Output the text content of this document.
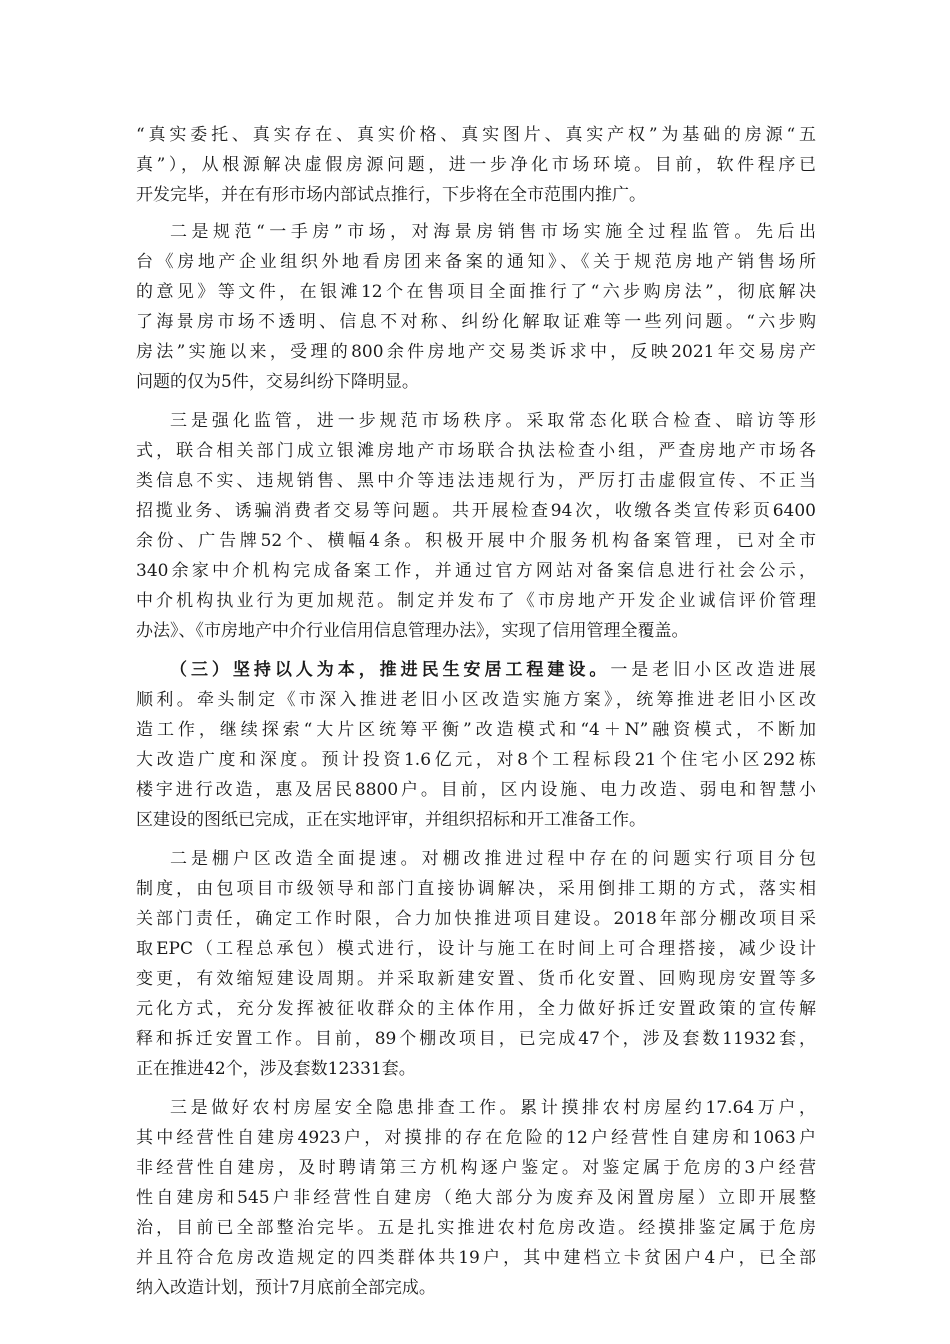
“真实委托、真实存在、真实价格、真实图片、真实产权”为基础的房源“五
真”），从根源解决虚假房源问题，进一步净化市场环境。目前，软件程序已
开发完毕，并在有形市场内部试点推行，下步将在全市范围内推广。
二是规范“一手房”市场，对海景房销售市场实施全过程监管。先后出
台《房地产企业组织外地看房团来备案的通知》、《关于规范房地产销售场所
的意见》等文件，在银滩12个在售项目全面推行了“六步购房法”，彻底解决
了海景房市场不透明、信息不对称、纠纷化解取证难等一些列问题。“六步购
房法”实施以来，受理的800余件房地产交易类诉求中，反映2021年交易房产
问题的仅为5件，交易纠纷下降明显。
三是强化监管，进一步规范市场秩序。采取常态化联合检查、暗访等形
式，联合相关部门成立银滩房地产市场联合执法检查小组，严查房地产市场各
类信息不实、违规销售、黑中介等违法违规行为，严厉打击虚假宣传、不正当
招揽业务、诱骗消费者交易等问题。共开展检查94次，收缴各类宣传彩页6400
余份、广告牌52个、横幅4条。积极开展中介服务机构备案管理，已对全市
340余家中介机构完成备案工作，并通过官方网站对备案信息进行社会公示，
中介机构执业行为更加规范。制定并发布了《市房地产开发企业诚信评价管理
办法》、《市房地产中介行业信用信息管理办法》，实现了信用管理全覆盖。
（三）坚持以人为本，推进民生安居工程建设。一是老旧小区改造进展
顺利。牵头制定《市深入推进老旧小区改造实施方案》，统筹推进老旧小区改
造工作，继续探索“大片区统筹平衡”改造模式和“4＋N”融资模式，不断加
大改造广度和深度。预计投资1.6亿元，对8个工程标段21个住宅小区292栋
楼宇进行改造，惠及居民8800户。目前，区内设施、电力改造、弱电和智慧小
区建设的图纸已完成，正在实地评审，并组织招标和开工准备工作。
二是棚户区改造全面提速。对棚改推进过程中存在的问题实行项目分包
制度，由包项目市级领导和部门直接协调解决，采用倒排工期的方式，落实相
关部门责任，确定工作时限，合力加快推进项目建设。2018年部分棚改项目采
取EPC（工程总承包）模式进行，设计与施工在时间上可合理搭接，减少设计
变更，有效缩短建设周期。并采取新建安置、货币化安置、回购现房安置等多
元化方式，充分发挥被征收群众的主体作用，全力做好拆迁安置政策的宣传解
释和拆迁安置工作。目前，89个棚改项目，已完成47个，涉及套数11932套，
正在推进42个，涉及套数12331套。
三是做好农村房屋安全隐患排查工作。累计摸排农村房屋约17.64万户，
其中经营性自建房4923户，对摸排的存在危险的12户经营性自建房和1063户
非经营性自建房，及时聘请第三方机构逐户鉴定。对鉴定属于危房的3户经营
性自建房和545户非经营性自建房（绝大部分为废弃及闲置房屋）立即开展整
治，目前已全部整治完毕。五是扎实推进农村危房改造。经摸排鉴定属于危房
并且符合危房改造规定的四类群体共19户，其中建档立卡贫困户4户，已全部
纳入改造计划，预计7月底前全部完成。
